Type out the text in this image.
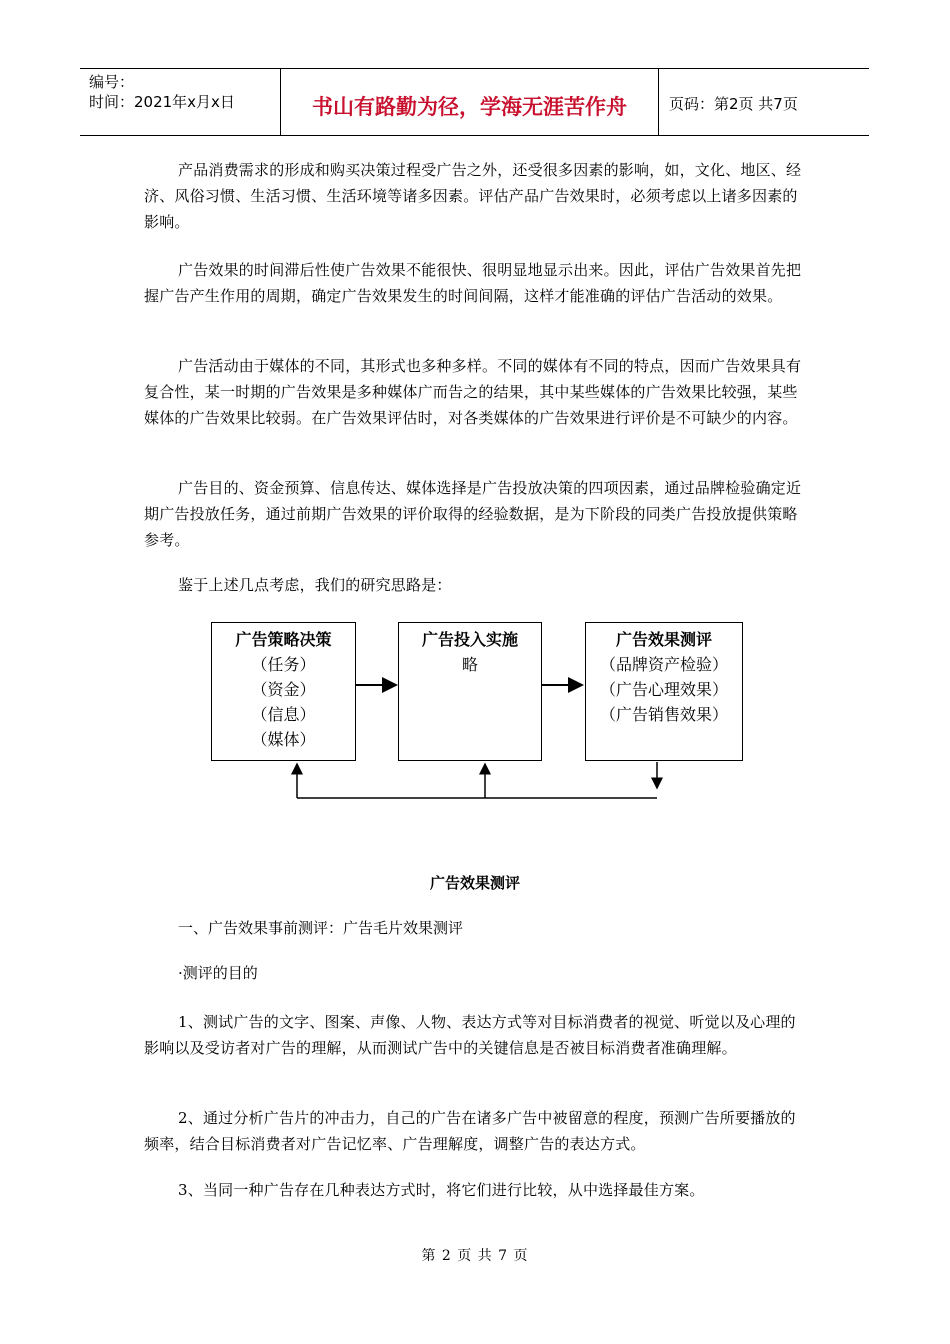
编号：
时间：2021年x月x日	书山有路勤为径，学海无涯苦作舟	页码：第2页 共7页

产品消费需求的形成和购买决策过程受广告之外，还受很多因素的影响，如，文化、地区、经济、风俗习惯、生活习惯、生活环境等诸多因素。评估产品广告效果时，必须考虑以上诸多因素的影响。

广告效果的时间滞后性使广告效果不能很快、很明显地显示出来。因此，评估广告效果首先把握广告产生作用的周期，确定广告效果发生的时间间隔，这样才能准确的评估广告活动的效果。

广告活动由于媒体的不同，其形式也多种多样。不同的媒体有不同的特点，因而广告效果具有复合性，某一时期的广告效果是多种媒体广而告之的结果，其中某些媒体的广告效果比较强，某些媒体的广告效果比较弱。在广告效果评估时，对各类媒体的广告效果进行评价是不可缺少的内容。

广告目的、资金预算、信息传达、媒体选择是广告投放决策的四项因素，通过品牌检验确定近期广告投放任务，通过前期广告效果的评价取得的经验数据，是为下阶段的同类广告投放提供策略参考。

鉴于上述几点考虑，我们的研究思路是：

广告策略决策
（任务）
（资金）
（信息）
（媒体）
广告投入实施
略
广告效果测评
（品牌资产检验）
（广告心理效果）
（广告销售效果）
广告效果测评
一、广告效果事前测评：广告毛片效果测评
·测评的目的

1、测试广告的文字、图案、声像、人物、表达方式等对目标消费者的视觉、听觉以及心理的影响以及受访者对广告的理解，从而测试广告中的关键信息是否被目标消费者准确理解。

2、通过分析广告片的冲击力，自己的广告在诸多广告中被留意的程度，预测广告所要播放的频率，结合目标消费者对广告记忆率、广告理解度，调整广告的表达方式。

3、当同一种广告存在几种表达方式时，将它们进行比较，从中选择最佳方案。

第 2 页 共 7 页
